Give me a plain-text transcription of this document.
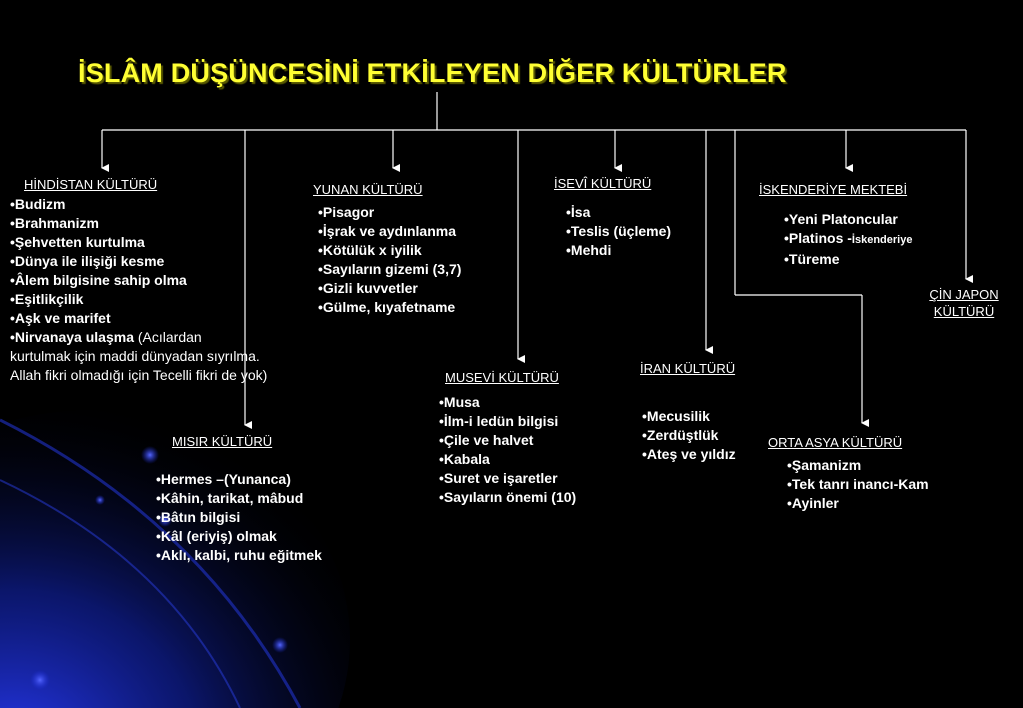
İSLÂM DÜŞÜNCESİNİ ETKİLEYEN DİĞER KÜLTÜRLER
HİNDİSTAN KÜLTÜRÜ
• Budizm
• Brahmanizm
• Şehvetten kurtulma
• Dünya ile ilişiği kesme
• Âlem bilgisine sahip olma
• Eşitlikçilik
• Aşk ve marifet
• Nirvanaya ulaşma (Acılardan
kurtulmak için maddi dünyadan sıyrılma.
Allah fikri olmadığı için Tecelli fikri de yok)
MISIR KÜLTÜRÜ
• Hermes –(Yunanca)
• Kâhin, tarikat, mâbud
• Bâtın bilgisi
• Kâl (eriyiş) olmak
• Aklı, kalbi, ruhu eğitmek
YUNAN KÜLTÜRÜ
• Pisagor
• İşrak ve aydınlanma
• Kötülük x iyilik
• Sayıların gizemi (3,7)
• Gizli kuvvetler
• Gülme, kıyafetname
MUSEVİ KÜLTÜRÜ
• Musa
• İlm-i ledün bilgisi
• Çile ve halvet
• Kabala
• Suret ve işaretler
• Sayıların önemi (10)
İSEVÎ KÜLTÜRÜ
• İsa
• Teslis (üçleme)
• Mehdi
İRAN KÜLTÜRÜ
• Mecusilik
• Zerdüştlük
• Ateş ve yıldız
İSKENDERİYE MEKTEBİ
• Yeni Platoncular
• Platinos -İskenderiye
• Türeme
ORTA ASYA KÜLTÜRÜ
• Şamanizm
• Tek tanrı inancı-Kam
• Ayinler
ÇİN JAPON
KÜLTÜRÜ
